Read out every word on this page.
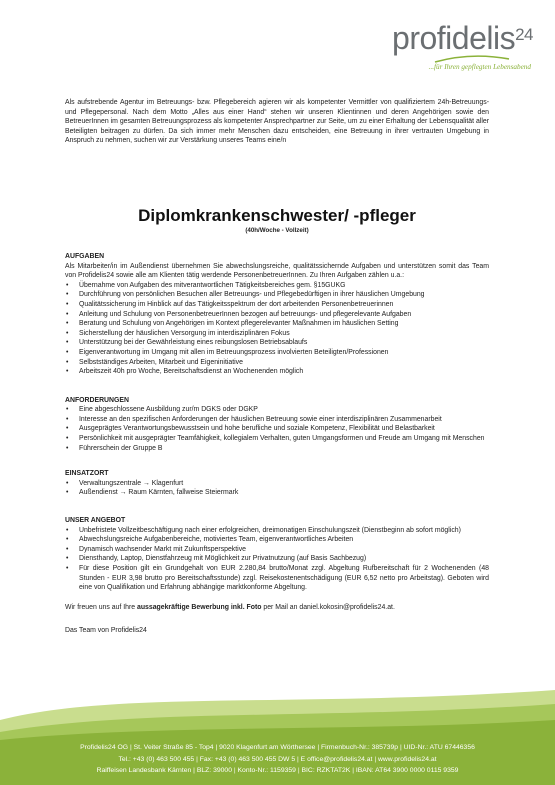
profidelis$^{24}$
...für Ihren gepflegten Lebensabend

Als aufstrebende Agentur im Betreuungs- bzw. Pflegebereich agieren wir als kompetenter Vermittler von qualifiziertem 24h-Betreuungs- und Pflegepersonal. Nach dem Motto „Alles aus einer Hand“ stehen wir unseren Klientinnen und deren Angehörigen sowie den BetreuerInnen im gesamten Betreuungsprozess als kompetenter Ansprechpartner zur Seite, um zu einer Erhaltung der Lebensqualität aller Beteiligten beitragen zu dürfen. Da sich immer mehr Menschen dazu entscheiden, eine Betreuung in ihrer vertrauten Umgebung in Anspruch zu nehmen, suchen wir zur Verstärkung unseres Teams eine/n

Diplomkrankenschwester/ -pfleger
(40h/Woche - Vollzeit)
AUFGABEN

Als Mitarbeiter/in im Außendienst übernehmen Sie abwechslungsreiche, qualitätssichernde Aufgaben und unterstützen somit das Team von Profidelis24 sowie alle am Klienten tätig werdende PersonenbetreuerInnen. Zu Ihren Aufgaben zählen u.a.:

• Übernahme von Aufgaben des mitverantwortlichen Tätigkeitsbereiches gem. §15GUKG
• Durchführung von persönlichen Besuchen aller Betreuungs- und Pflegebedürftigen in ihrer häuslichen Umgebung
• Qualitätssicherung im Hinblick auf das Tätigkeitsspektrum der dort arbeitenden Personenbetreuerinnen
• Anleitung und Schulung von PersonenbetreuerInnen bezogen auf betreuungs- und pflegerelevante Aufgaben
• Beratung und Schulung von Angehörigen im Kontext pflegerelevanter Maßnahmen im häuslichen Setting
• Sicherstellung der häuslichen Versorgung im interdisziplinären Fokus
• Unterstützung bei der Gewährleistung eines reibungslosen Betriebsablaufs
• Eigenverantwortung im Umgang mit allen im Betreuungsprozess involvierten Beteiligten/Professionen
• Selbstständiges Arbeiten, Mitarbeit und Eigeninitiative
• Arbeitszeit 40h pro Woche, Bereitschaftsdienst an Wochenenden möglich
ANFORDERUNGEN
• Eine abgeschlossene Ausbildung zur/m DGKS oder DGKP
• Interesse an den spezifischen Anforderungen der häuslichen Betreuung sowie einer interdisziplinären Zusammenarbeit
• Ausgeprägtes Verantwortungsbewusstsein und hohe berufliche und soziale Kompetenz, Flexibilität und Belastbarkeit
• Persönlichkeit mit ausgeprägter Teamfähigkeit, kollegialem Verhalten, guten Umgangsformen und Freude am Umgang mit Menschen
• Führerschein der Gruppe B
EINSATZORT
• Verwaltungszentrale → Klagenfurt
• Außendienst → Raum Kärnten, fallweise Steiermark
UNSER ANGEBOT
• Unbefristete Vollzeitbeschäftigung nach einer erfolgreichen, dreimonatigen Einschulungszeit (Dienstbeginn ab sofort möglich)
• Abwechslungsreiche Aufgabenbereiche, motiviertes Team, eigenverantwortliches Arbeiten
• Dynamisch wachsender Markt mit Zukunftsperspektive
• Diensthandy, Laptop, Dienstfahrzeug mit Möglichkeit zur Privatnutzung (auf Basis Sachbezug)
• Für diese Position gilt ein Grundgehalt von EUR 2.280,84 brutto/Monat zzgl. Abgeltung Rufbereitschaft für 2 Wochenenden (48 Stunden - EUR 3,98 brutto pro Bereitschaftsstunde) zzgl. Reisekostenentschädigung (EUR 6,52 netto pro Arbeitstag). Geboten wird eine von Qualifikation und Erfahrung abhängige marktkonforme Abgeltung.

Wir freuen uns auf Ihre aussagekräftige Bewerbung inkl. Foto per Mail an daniel.kokosin@profidelis24.at.

Das Team von Profidelis24

Profidelis24 OG | St. Veiter Straße 85 - Top4 | 9020 Klagenfurt am Wörthersee | Firmenbuch-Nr.: 385739p | UID-Nr.: ATU 67446356
Tel.: +43 (0) 463 500 455 | Fax: +43 (0) 463 500 455 DW 5 | E office@profidelis24.at | www.profidelis24.at
Raiffeisen Landesbank Kärnten | BLZ: 39000 | Konto-Nr.: 1159359 | BIC: RZKTAT2K | IBAN: AT64 3900 0000 0115 9359
